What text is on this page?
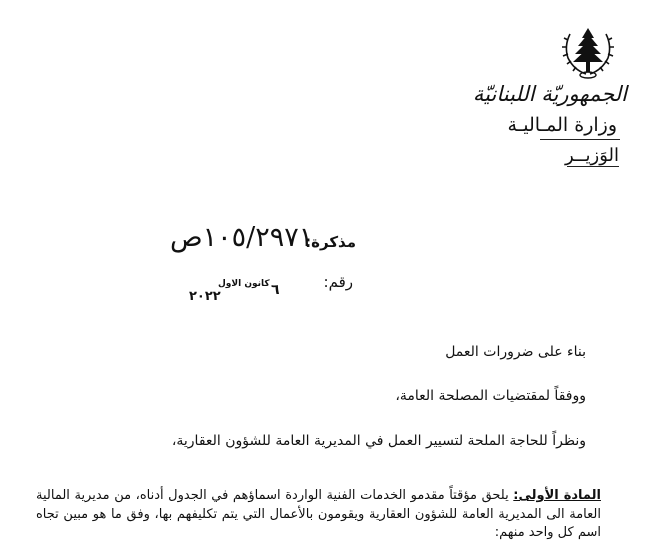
الجمهوريّة اللبنانيّة
وزارة المـاليـة
الوَزيــر
مذكرة:
١٠٥/٢٩٧١ص
رقم:
٦
كانون الاول
٢٠٢٢
بناء على ضرورات العمل
ووفقاً لمقتضيات المصلحة العامة،
ونظراً للحاجة الملحة لتسيير العمل في المديرية العامة للشؤون العقارية،
المادة الأولى: يلحق مؤقتاً مقدمو الخدمات الفنية الواردة اسماؤهم في الجدول أدناه، من مديرية المالية العامة الى المديرية العامة للشؤون العقارية ويقومون بالأعمال التي يتم تكليفهم بها، وفق ما هو مبين تجاه اسم كل واحد منهم:
